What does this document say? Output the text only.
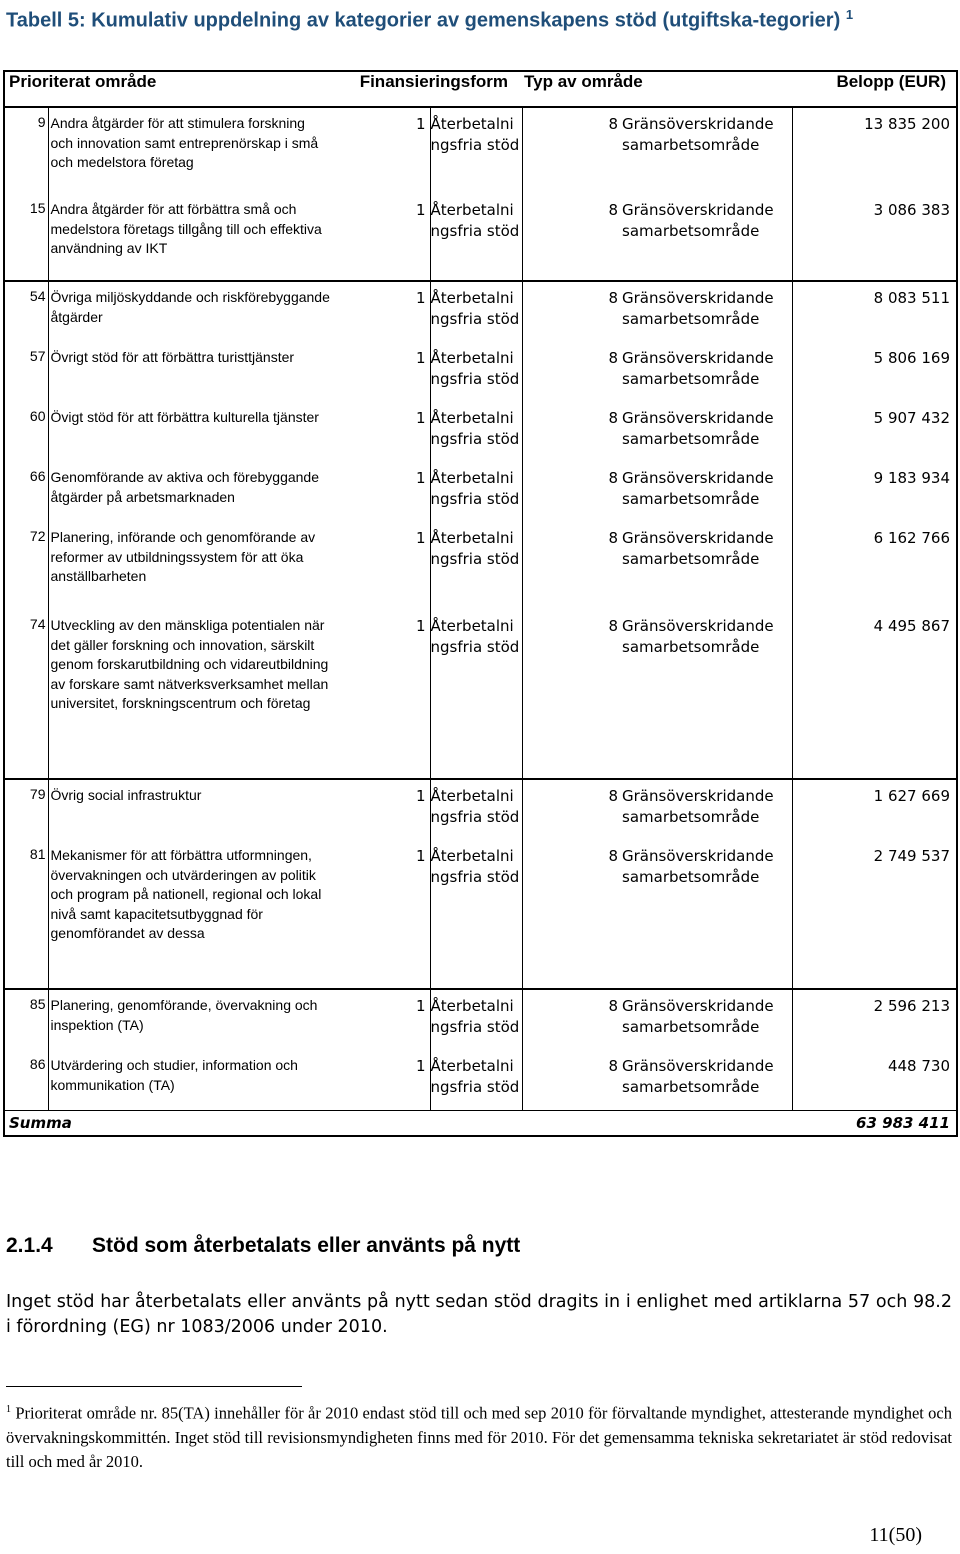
Tabell 5: Kumulativ uppdelning av kategorier av gemenskapens stöd (utgiftska-tegorier) $^1$
Prioriterat område		Finansieringsform		Typ av område		Belopp (EUR)
9	Andra åtgärder för att stimulera forskning och innovation samt entreprenörskap i små och medelstora företag	1	Återbetalningsfria stöd	8	Gränsöverskridande samarbetsområde	13 835 200
15	Andra åtgärder för att förbättra små och medelstora företags tillgång till och effektiva användning av IKT	1	Återbetalningsfria stöd	8	Gränsöverskridande samarbetsområde	3 086 383
54	Övriga miljöskyddande och riskförebyggande åtgärder	1	Återbetalningsfria stöd	8	Gränsöverskridande samarbetsområde	8 083 511
57	Övrigt stöd för att förbättra turisttjänster	1	Återbetalningsfria stöd	8	Gränsöverskridande samarbetsområde	5 806 169
60	Övigt stöd för att förbättra kulturella tjänster	1	Återbetalningsfria stöd	8	Gränsöverskridande samarbetsområde	5 907 432
66	Genomförande av aktiva och förebyggande åtgärder på arbetsmarknaden	1	Återbetalningsfria stöd	8	Gränsöverskridande samarbetsområde	9 183 934
72	Planering, införande och genomförande av reformer av utbildningssystem för att öka anställbarheten	1	Återbetalningsfria stöd	8	Gränsöverskridande samarbetsområde	6 162 766
74	Utveckling av den mänskliga potentialen när det gäller forskning och innovation, särskilt genom forskarutbildning och vidareutbildning av forskare samt nätverksverksamhet mellan universitet, forskningscentrum och företag	1	Återbetalningsfria stöd	8	Gränsöverskridande samarbetsområde	4 495 867
79	Övrig social infrastruktur	1	Återbetalningsfria stöd	8	Gränsöverskridande samarbetsområde	1 627 669
81	Mekanismer för att förbättra utformningen, övervakningen och utvärderingen av politik och program på nationell, regional och lokal nivå samt kapacitetsutbyggnad för genomförandet av dessa	1	Återbetalningsfria stöd	8	Gränsöverskridande samarbetsområde	2 749 537
85	Planering, genomförande, övervakning och inspektion (TA)	1	Återbetalningsfria stöd	8	Gränsöverskridande samarbetsområde	2 596 213
86	Utvärdering och studier, information och kommunikation (TA)	1	Återbetalningsfria stöd	8	Gränsöverskridande samarbetsområde	448 730
Summa						63 983 411
2.1.4 Stöd som återbetalats eller använts på nytt
Inget stöd har återbetalats eller använts på nytt sedan stöd dragits in i enlighet med artiklarna 57 och 98.2 i förordning (EG) nr 1083/2006 under 2010.
$^1$ Prioriterat område nr. 85(TA) innehåller för år 2010 endast stöd till och med sep 2010 för förvaltande myndighet, attesterande myndighet och övervakningskommittén. Inget stöd till revisionsmyndigheten finns med för 2010. För det gemensamma tekniska sekretariatet är stöd redovisat till och med år 2010.
11(50)
